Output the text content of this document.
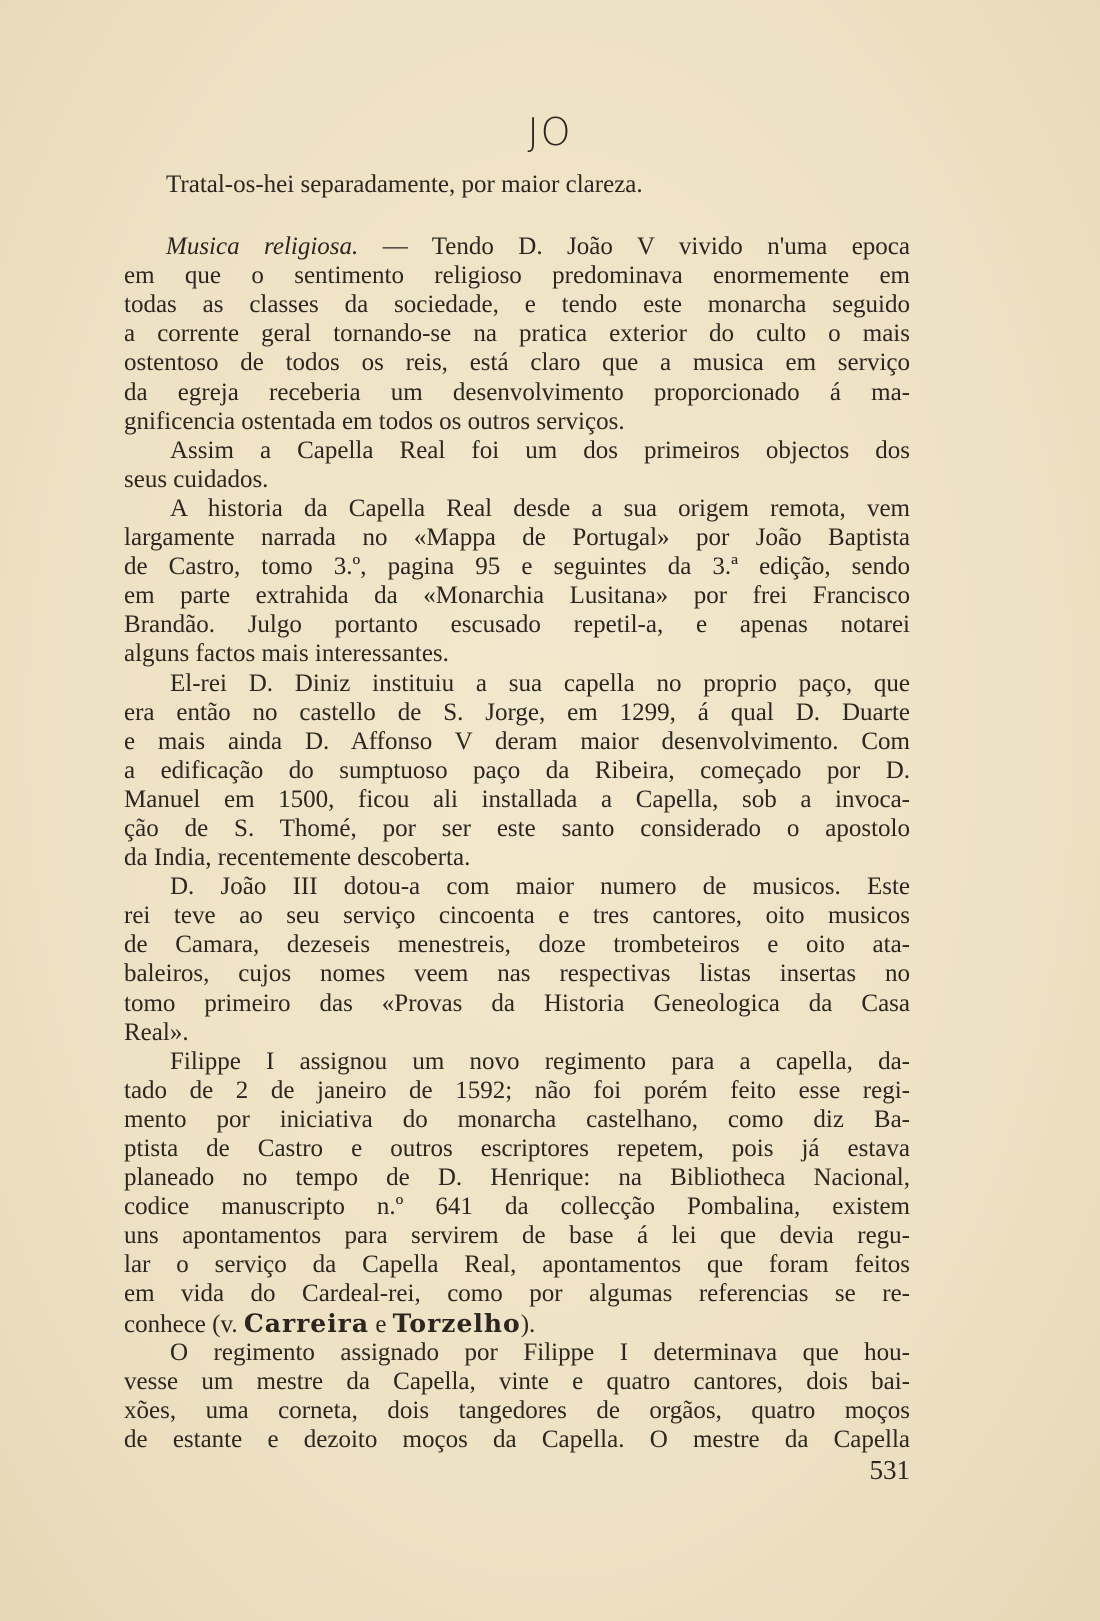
JO
Tratal-os-hei separadamente, por maior clareza.
Musica religiosa. — Tendo D. João V vivido n'uma epoca
em que o sentimento religioso predominava enormemente em
todas as classes da sociedade, e tendo este monarcha seguido
a corrente geral tornando-se na pratica exterior do culto o mais
ostentoso de todos os reis, está claro que a musica em serviço
da egreja receberia um desenvolvimento proporcionado á ma-
gnificencia ostentada em todos os outros serviços.
Assim a Capella Real foi um dos primeiros objectos dos
seus cuidados.
A historia da Capella Real desde a sua origem remota, vem
largamente narrada no «Mappa de Portugal» por João Baptista
de Castro, tomo 3.º, pagina 95 e seguintes da 3.ª edição, sendo
em parte extrahida da «Monarchia Lusitana» por frei Francisco
Brandão. Julgo portanto escusado repetil-a, e apenas notarei
alguns factos mais interessantes.
El-rei D. Diniz instituiu a sua capella no proprio paço, que
era então no castello de S. Jorge, em 1299, á qual D. Duarte
e mais ainda D. Affonso V deram maior desenvolvimento. Com
a edificação do sumptuoso paço da Ribeira, começado por D.
Manuel em 1500, ficou ali installada a Capella, sob a invoca-
ção de S. Thomé, por ser este santo considerado o apostolo
da India, recentemente descoberta.
D. João III dotou-a com maior numero de musicos. Este
rei teve ao seu serviço cincoenta e tres cantores, oito musicos
de Camara, dezeseis menestreis, doze trombeteiros e oito ata-
baleiros, cujos nomes veem nas respectivas listas insertas no
tomo primeiro das «Provas da Historia Geneologica da Casa
Real».
Filippe I assignou um novo regimento para a capella, da-
tado de 2 de janeiro de 1592; não foi porém feito esse regi-
mento por iniciativa do monarcha castelhano, como diz Ba-
ptista de Castro e outros escriptores repetem, pois já estava
planeado no tempo de D. Henrique: na Bibliotheca Nacional,
codice manuscripto n.º 641 da collecção Pombalina, existem
uns apontamentos para servirem de base á lei que devia regu-
lar o serviço da Capella Real, apontamentos que foram feitos
em vida do Cardeal-rei, como por algumas referencias se re-
conhece (v. Carreira e Torzelho).
O regimento assignado por Filippe I determinava que hou-
vesse um mestre da Capella, vinte e quatro cantores, dois bai-
xões, uma corneta, dois tangedores de orgãos, quatro moços
de estante e dezoito moços da Capella. O mestre da Capella
531
